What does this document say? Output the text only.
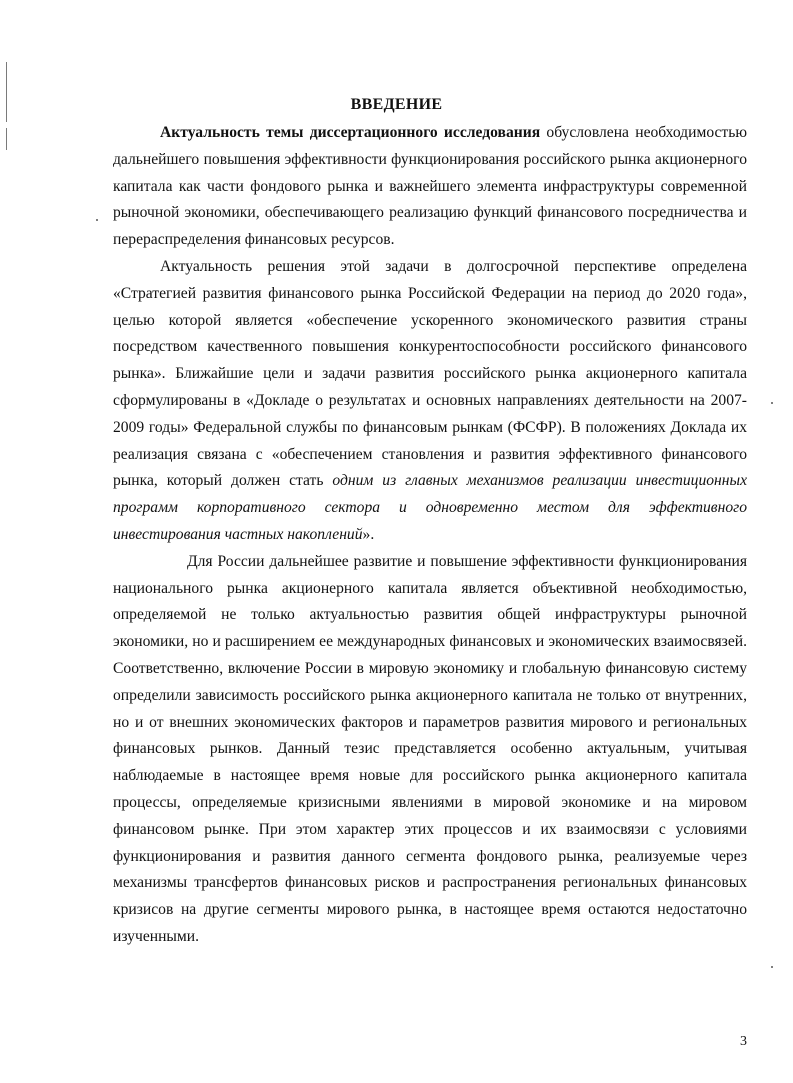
ВВЕДЕНИЕ

Актуальность темы диссертационного исследования обусловлена необходимостью дальнейшего повышения эффективности функционирования российского рынка акционерного капитала как части фондового рынка и важнейшего элемента инфраструктуры современной рыночной экономики, обеспечивающего реализацию функций финансового посредничества и перераспределения финансовых ресурсов.

Актуальность решения этой задачи в долгосрочной перспективе определена «Стратегией развития финансового рынка Российской Федерации на период до 2020 года», целью которой является «обеспечение ускоренного экономического развития страны посредством качественного повышения конкурентоспособности российского финансового рынка». Ближайшие цели и задачи развития российского рынка акционерного капитала сформулированы в «Докладе о результатах и основных направлениях деятельности на 2007-2009 годы» Федеральной службы по финансовым рынкам (ФСФР). В положениях Доклада их реализация связана с «обеспечением становления и развития эффективного финансового рынка, который должен стать одним из главных механизмов реализации инвестиционных программ корпоративного сектора и одновременно местом для эффективного инвестирования частных накоплений».

Для России дальнейшее развитие и повышение эффективности функционирования национального рынка акционерного капитала является объективной необходимостью, определяемой не только актуальностью развития общей инфраструктуры рыночной экономики, но и расширением ее международных финансовых и экономических взаимосвязей. Соответственно, включение России в мировую экономику и глобальную финансовую систему определили зависимость российского рынка акционерного капитала не только от внутренних, но и от внешних экономических факторов и параметров развития мирового и региональных финансовых рынков. Данный тезис представляется особенно актуальным, учитывая наблюдаемые в настоящее время новые для российского рынка акционерного капитала процессы, определяемые кризисными явлениями в мировой экономике и на мировом финансовом рынке. При этом характер этих процессов и их взаимосвязи с условиями функционирования и развития данного сегмента фондового рынка, реализуемые через механизмы трансфертов финансовых рисков и распространения региональных финансовых кризисов на другие сегменты мирового рынка, в настоящее время остаются недостаточно изученными.

3
